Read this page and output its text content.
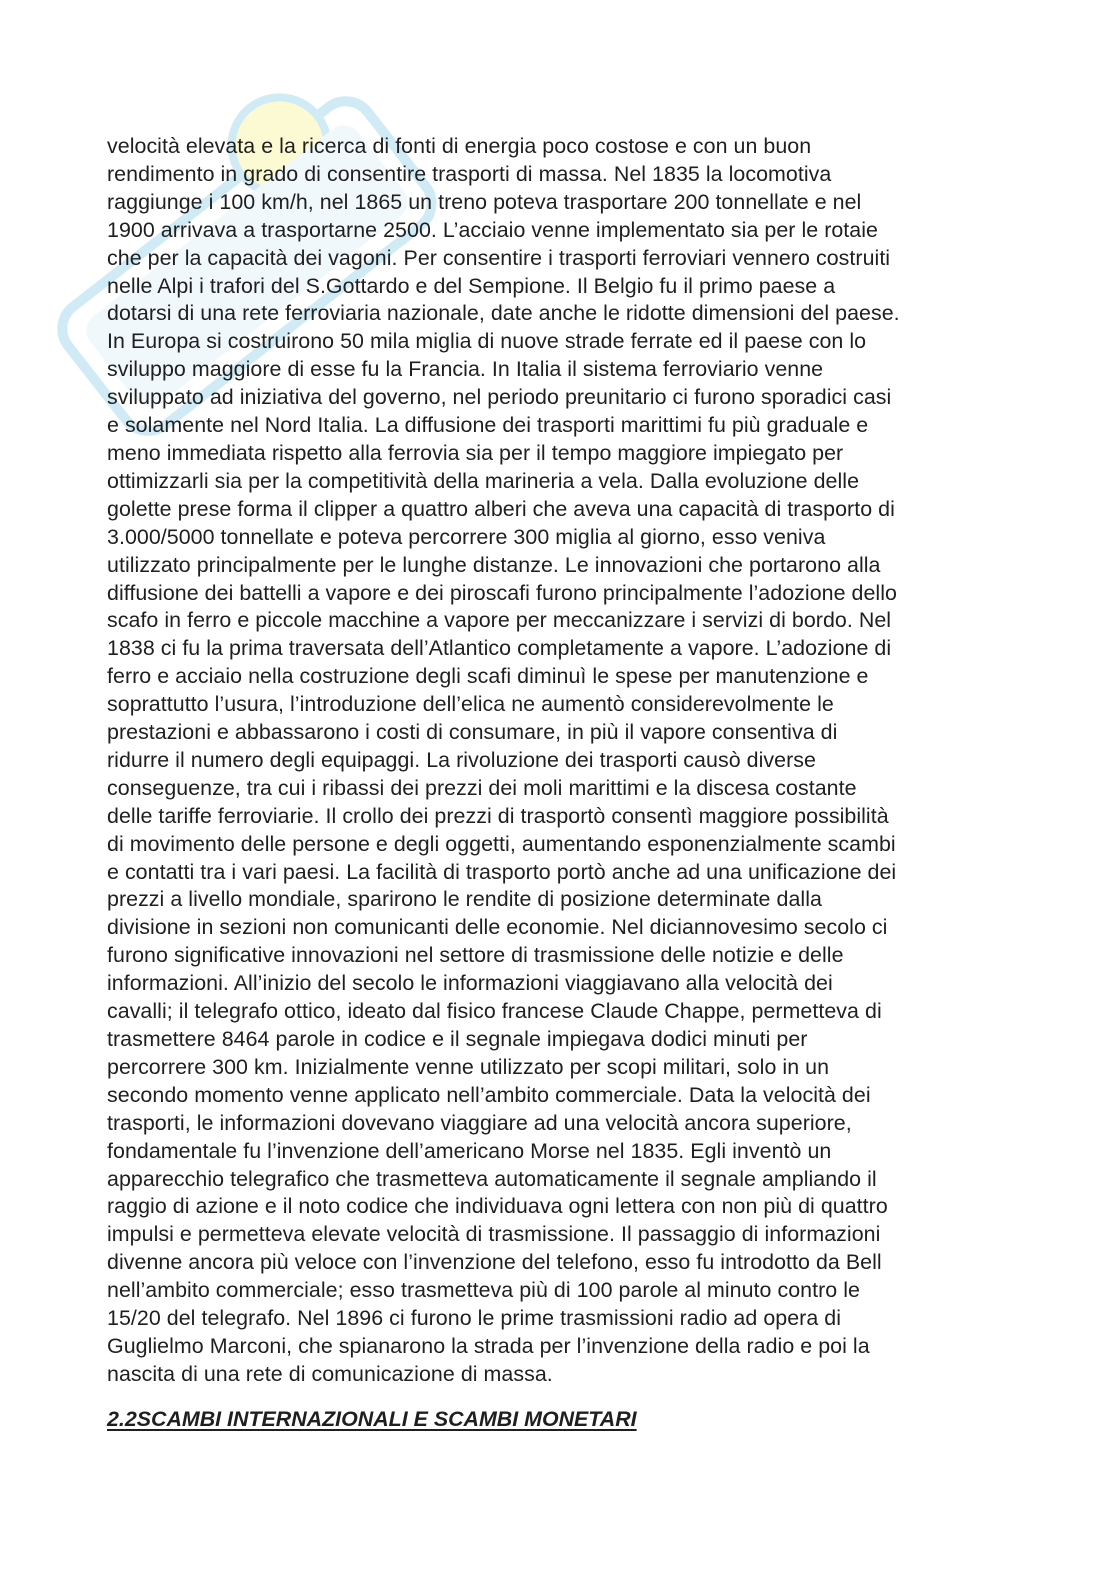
velocità elevata e la ricerca di fonti di energia poco costose e con un buon
rendimento in grado di consentire trasporti di massa. Nel 1835 la locomotiva
raggiunge i 100 km/h, nel 1865 un treno poteva trasportare 200 tonnellate e nel
1900 arrivava a trasportarne 2500. L’acciaio venne implementato sia per le rotaie
che per la capacità dei vagoni. Per consentire i trasporti ferroviari vennero costruiti
nelle Alpi i trafori del S.Gottardo e del Sempione. Il Belgio fu il primo paese a
dotarsi di una rete ferroviaria nazionale, date anche le ridotte dimensioni del paese.
In Europa si costruirono 50 mila miglia di nuove strade ferrate ed il paese con lo
sviluppo maggiore di esse fu la Francia. In Italia il sistema ferroviario venne
sviluppato ad iniziativa del governo, nel periodo preunitario ci furono sporadici casi
e solamente nel Nord Italia. La diffusione dei trasporti marittimi fu più graduale e
meno immediata rispetto alla ferrovia sia per il tempo maggiore impiegato per
ottimizzarli sia per la competitività della marineria a vela. Dalla evoluzione delle
golette prese forma il clipper a quattro alberi che aveva una capacità di trasporto di
3.000/5000 tonnellate e poteva percorrere 300 miglia al giorno, esso veniva
utilizzato principalmente per le lunghe distanze. Le innovazioni che portarono alla
diffusione dei battelli a vapore e dei piroscafi furono principalmente l’adozione dello
scafo in ferro e piccole macchine a vapore per meccanizzare i servizi di bordo. Nel
1838 ci fu la prima traversata dell’Atlantico completamente a vapore. L’adozione di
ferro e acciaio nella costruzione degli scafi diminuì le spese per manutenzione e
soprattutto l’usura, l’introduzione dell’elica ne aumentò considerevolmente le
prestazioni e abbassarono i costi di consumare, in più il vapore consentiva di
ridurre il numero degli equipaggi. La rivoluzione dei trasporti causò diverse
conseguenze, tra cui i ribassi dei prezzi dei moli marittimi e la discesa costante
delle tariffe ferroviarie. Il crollo dei prezzi di trasportò consentì maggiore possibilità
di movimento delle persone e degli oggetti, aumentando esponenzialmente scambi
e contatti tra i vari paesi. La facilità di trasporto portò anche ad una unificazione dei
prezzi a livello mondiale, sparirono le rendite di posizione determinate dalla
divisione in sezioni non comunicanti delle economie. Nel diciannovesimo secolo ci
furono significative innovazioni nel settore di trasmissione delle notizie e delle
informazioni. All’inizio del secolo le informazioni viaggiavano alla velocità dei
cavalli; il telegrafo ottico, ideato dal fisico francese Claude Chappe, permetteva di
trasmettere 8464 parole in codice e il segnale impiegava dodici minuti per
percorrere 300 km. Inizialmente venne utilizzato per scopi militari, solo in un
secondo momento venne applicato nell’ambito commerciale. Data la velocità dei
trasporti, le informazioni dovevano viaggiare ad una velocità ancora superiore,
fondamentale fu l’invenzione dell’americano Morse nel 1835. Egli inventò un
apparecchio telegrafico che trasmetteva automaticamente il segnale ampliando il
raggio di azione e il noto codice che individuava ogni lettera con non più di quattro
impulsi e permetteva elevate velocità di trasmissione. Il passaggio di informazioni
divenne ancora più veloce con l’invenzione del telefono, esso fu introdotto da Bell
nell’ambito commerciale; esso trasmetteva più di 100 parole al minuto contro le
15/20 del telegrafo. Nel 1896 ci furono le prime trasmissioni radio ad opera di
Guglielmo Marconi, che spianarono la strada per l’invenzione della radio e poi la
nascita di una rete di comunicazione di massa.
2.2SCAMBI INTERNAZIONALI E SCAMBI MONETARI
